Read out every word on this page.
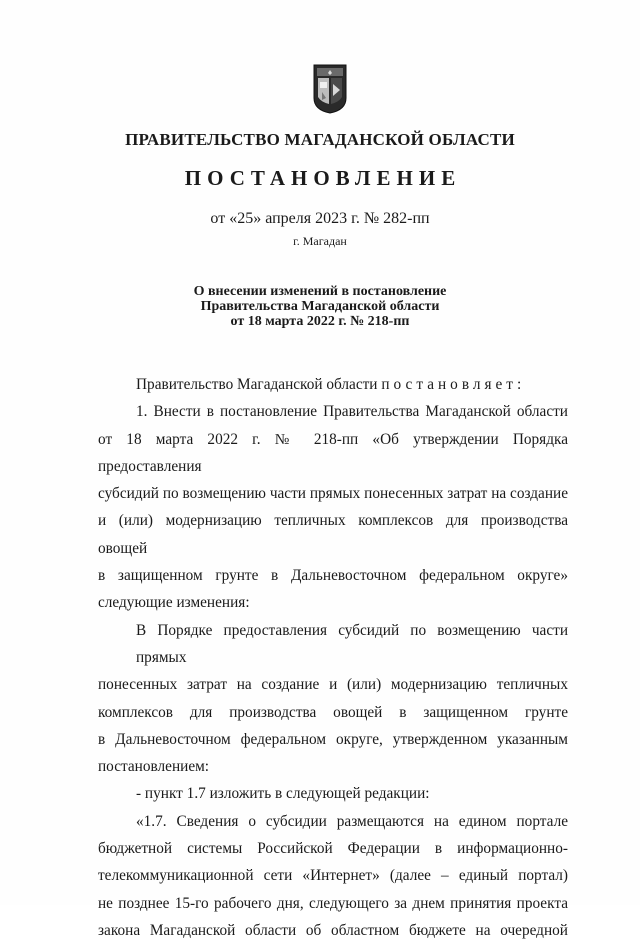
ПРАВИТЕЛЬСТВО МАГАДАНСКОЙ ОБЛАСТИ
ПОСТАНОВЛЕНИЕ
от «25» апреля 2023 г. № 282-пп
г. Магадан
О внесении изменений в постановление
Правительства Магаданской области
от 18 марта 2022 г. № 218-пп

Правительство Магаданской области постановляет:

1. Внести в постановление Правительства Магаданской области
от 18 марта 2022 г. № 218-пп «Об утверждении Порядка предоставления
субсидий по возмещению части прямых понесенных затрат на создание
и (или) модернизацию тепличных комплексов для производства овощей
в защищенном грунте в Дальневосточном федеральном округе»
следующие изменения:

В Порядке предоставления субсидий по возмещению части прямых
понесенных затрат на создание и (или) модернизацию тепличных
комплексов для производства овощей в защищенном грунте
в Дальневосточном федеральном округе, утвержденном указанным
постановлением:

- пункт 1.7 изложить в следующей редакции:

«1.7. Сведения о субсидии размещаются на едином портале
бюджетной системы Российской Федерации в информационно-
телекоммуникационной сети «Интернет» (далее – единый портал)
не позднее 15-го рабочего дня, следующего за днем принятия проекта
закона Магаданской области об областном бюджете на очередной
